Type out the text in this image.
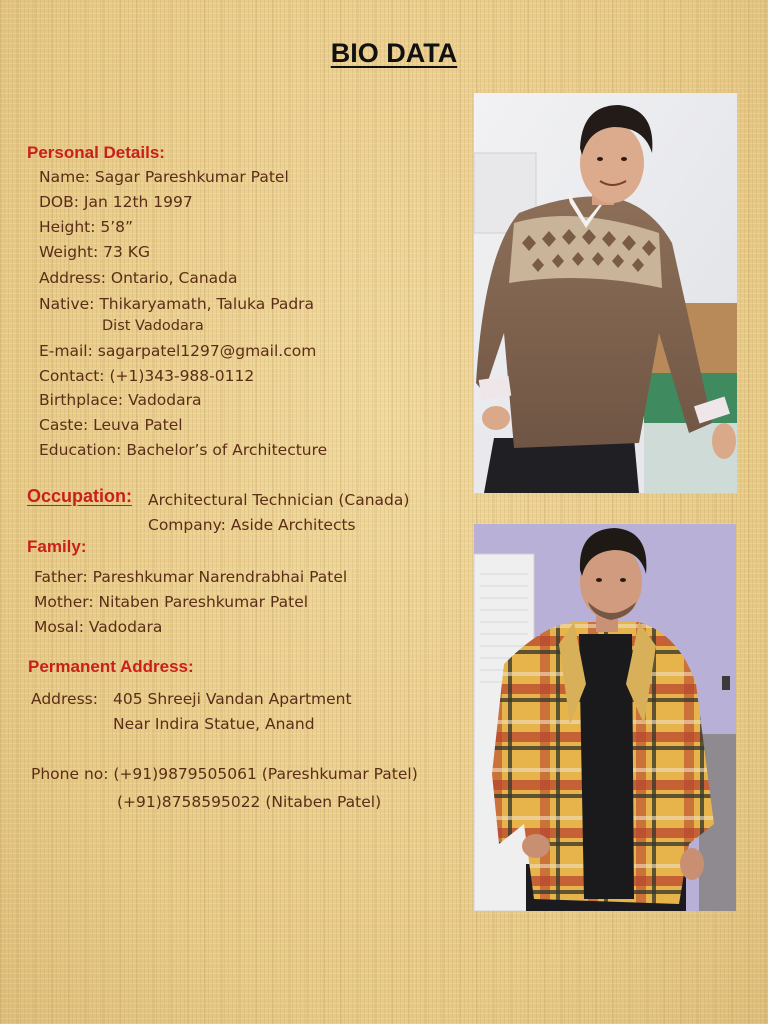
BIO DATA
Personal Details:

Name: Sagar Pareshkumar Patel

DOB: Jan 12th 1997

Height: 5’8”

Weight: 73 KG

Address: Ontario, Canada

Native: Thikaryamath, Taluka Padra

Dist Vadodara

E-mail: sagarpatel1297@gmail.com

Contact: (+1)343-988-0112

Birthplace: Vadodara

Caste: Leuva Patel

Education: Bachelor’s of Architecture

Occupation: Architectural Technician (Canada)

Company: Aside Architects

Family:

Father: Pareshkumar Narendrabhai Patel

Mother: Nitaben Pareshkumar Patel

Mosal: Vadodara

Permanent Address:

Address: 405 Shreeji Vandan Apartment

Near Indira Statue, Anand

Phone no: (+91)9879505061 (Pareshkumar Patel)

(+91)8758595022 (Nitaben Patel)
